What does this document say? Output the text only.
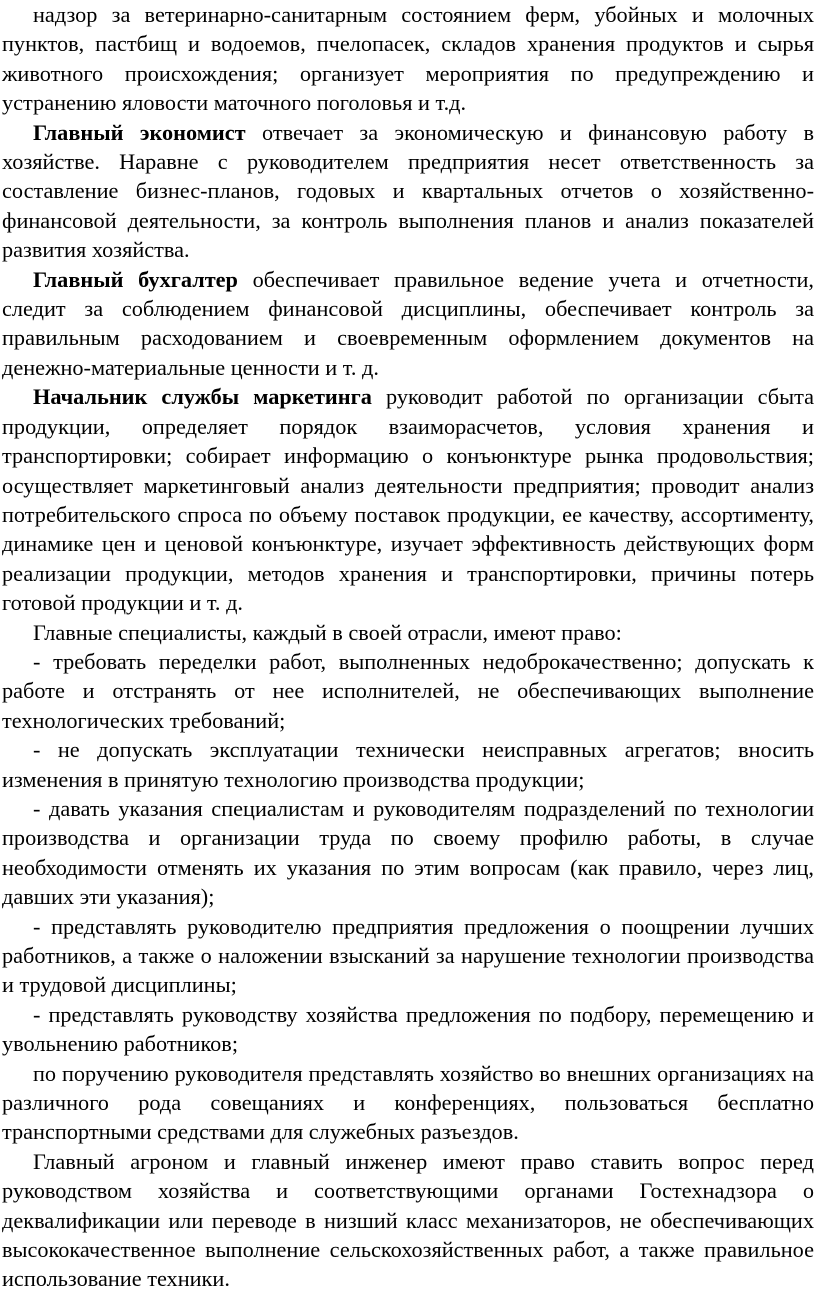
надзор за ветеринарно-санитарным состоянием ферм, убойных и молочных пунктов, пастбищ и водоемов, пчелопасек, складов хранения продуктов и сырья животного происхождения; организует мероприятия по предупреждению и устранению яловости маточного поголовья и т.д.

Главный экономист отвечает за экономическую и финансовую работу в хозяйстве. Наравне с руководителем предприятия несет ответственность за составление бизнес-планов, годовых и квартальных отчетов о хозяйственно-финансовой деятельности, за контроль выполнения планов и анализ показателей развития хозяйства.

Главный бухгалтер обеспечивает правильное ведение учета и отчетности, следит за соблюдением финансовой дисциплины, обеспечивает контроль за правильным расходованием и своевременным оформлением документов на денежно-материальные ценности и т. д.

Начальник службы маркетинга руководит работой по организации сбыта продукции, определяет порядок взаиморасчетов, условия хранения и транспортировки; собирает информацию о конъюнктуре рынка продовольствия; осуществляет маркетинговый анализ деятельности предприятия; проводит анализ потребительского спроса по объему поставок продукции, ее качеству, ассортименту, динамике цен и ценовой конъюнктуре, изучает эффективность действующих форм реализации продукции, методов хранения и транспортировки, причины потерь готовой продукции и т. д.

Главные специалисты, каждый в своей отрасли, имеют право:

- требовать переделки работ, выполненных недоброкачественно; допускать к работе и отстранять от нее исполнителей, не обеспечивающих выполнение технологических требований;

- не допускать эксплуатации технически неисправных агрегатов; вносить изменения в принятую технологию производства продукции;

- давать указания специалистам и руководителям подразделений по технологии производства и организации труда по своему профилю работы, в случае необходимости отменять их указания по этим вопросам (как правило, через лиц, давших эти указания);

- представлять руководителю предприятия предложения о поощрении лучших работников, а также о наложении взысканий за нарушение технологии производства и трудовой дисциплины;

- представлять руководству хозяйства предложения по подбору, перемещению и увольнению работников;

по поручению руководителя представлять хозяйство во внешних организациях на различного рода совещаниях и конференциях, пользоваться бесплатно транспортными средствами для служебных разъездов.

Главный агроном и главный инженер имеют право ставить вопрос перед руководством хозяйства и соответствующими органами Гостехнадзора о деквалификации или переводе в низший класс механизаторов, не обеспечивающих высококачественное выполнение сельскохозяйственных работ, а также правильное использование техники.
